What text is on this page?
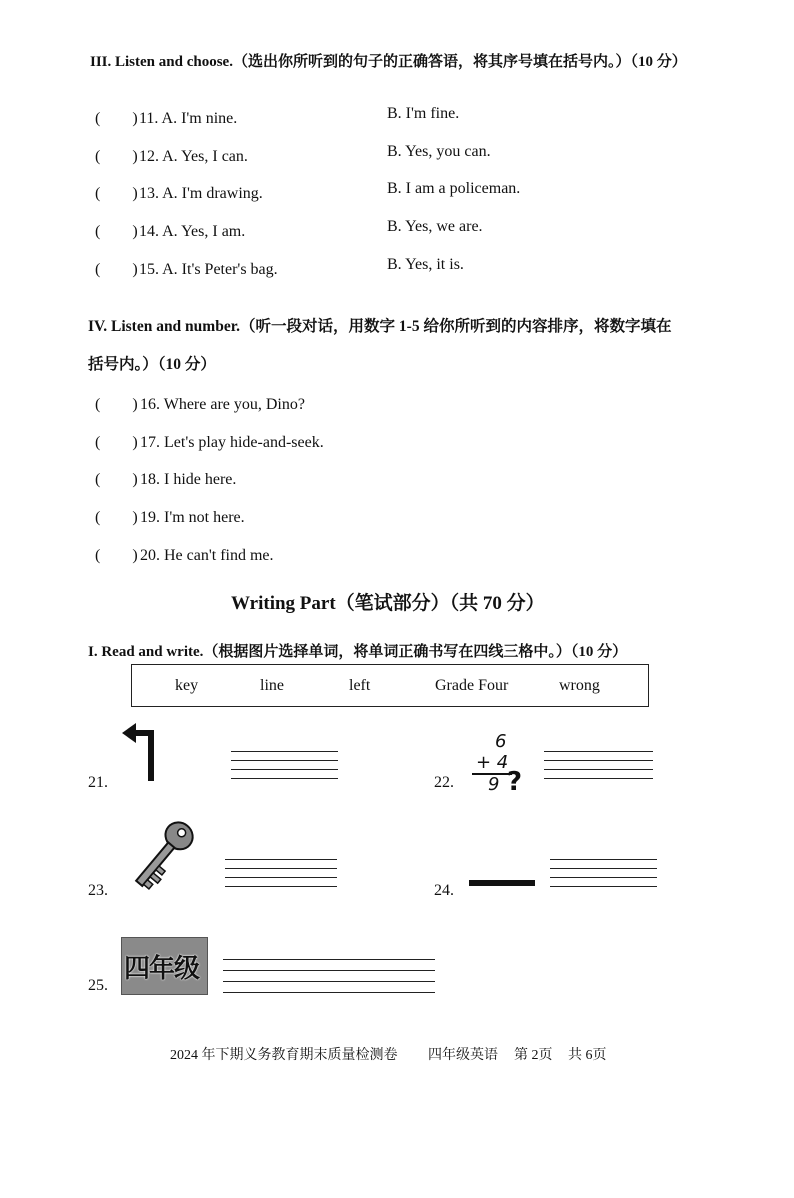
III. Listen and choose.（选出你所听到的句子的正确答语，将其序号填在括号内。）（10 分）
(　　)11. A. I'm nine.	B. I'm fine.
(　　)12. A. Yes, I can.	B. Yes, you can.
(　　)13. A. I'm drawing.	B. I am a policeman.
(　　)14. A. Yes, I am.	B. Yes, we are.
(　　)15. A. It's Peter's bag.	B. Yes, it is.
IV. Listen and number.（听一段对话，用数字 1-5 给你所听到的内容排序，将数字填在
括号内。）（10 分）
(　　) 16. Where are you, Dino?
(　　) 17. Let's play hide-and-seek.
(　　) 18. I hide here.
(　　) 19. I'm not here.
(　　) 20. He can't find me.
Writing Part（笔试部分）（共 70 分）
I. Read and write.（根据图片选择单词，将单词正确书写在四线三格中。）（10 分）
key	line	left	Grade Four	wrong
21.	22.
6
+ 4
9 ?
23.	24.
25.
四年级
2024 年下期义务教育期末质量检测卷 四年级英语 第 2页 共 6页
